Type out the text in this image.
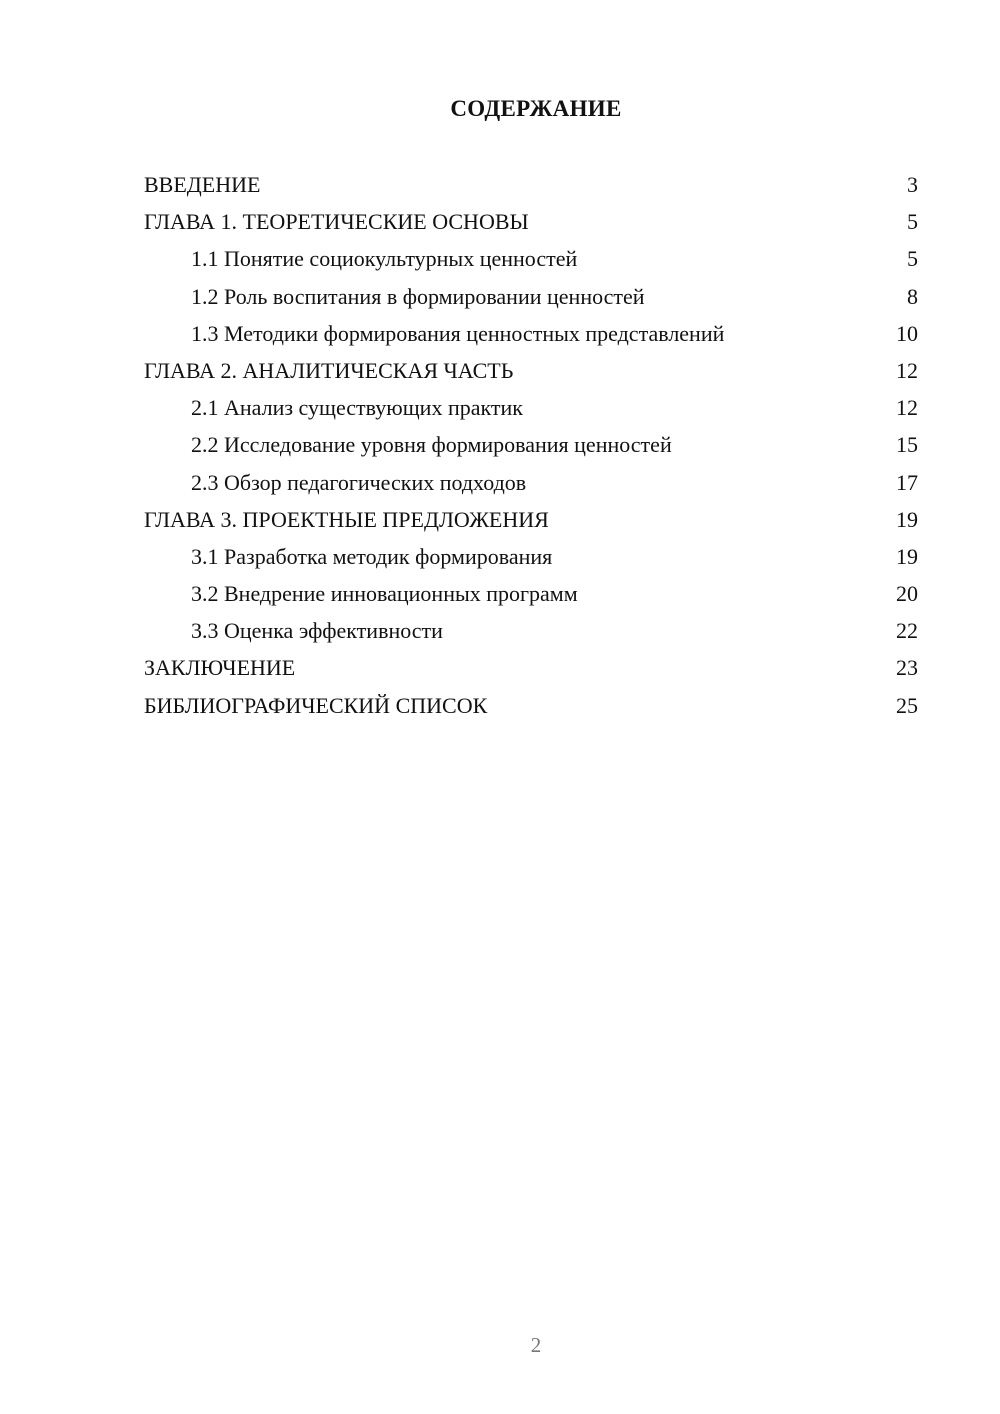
СОДЕРЖАНИЕ
ВВЕДЕНИЕ	3
ГЛАВА 1. ТЕОРЕТИЧЕСКИЕ ОСНОВЫ	5
1.1 Понятие социокультурных ценностей	5
1.2 Роль воспитания в формировании ценностей	8
1.3 Методики формирования ценностных представлений	10
ГЛАВА 2. АНАЛИТИЧЕСКАЯ ЧАСТЬ	12
2.1 Анализ существующих практик	12
2.2 Исследование уровня формирования ценностей	15
2.3 Обзор педагогических подходов	17
ГЛАВА 3. ПРОЕКТНЫЕ ПРЕДЛОЖЕНИЯ	19
3.1 Разработка методик формирования	19
3.2 Внедрение инновационных программ	20
3.3 Оценка эффективности	22
ЗАКЛЮЧЕНИЕ	23
БИБЛИОГРАФИЧЕСКИЙ СПИСОК	25
2
